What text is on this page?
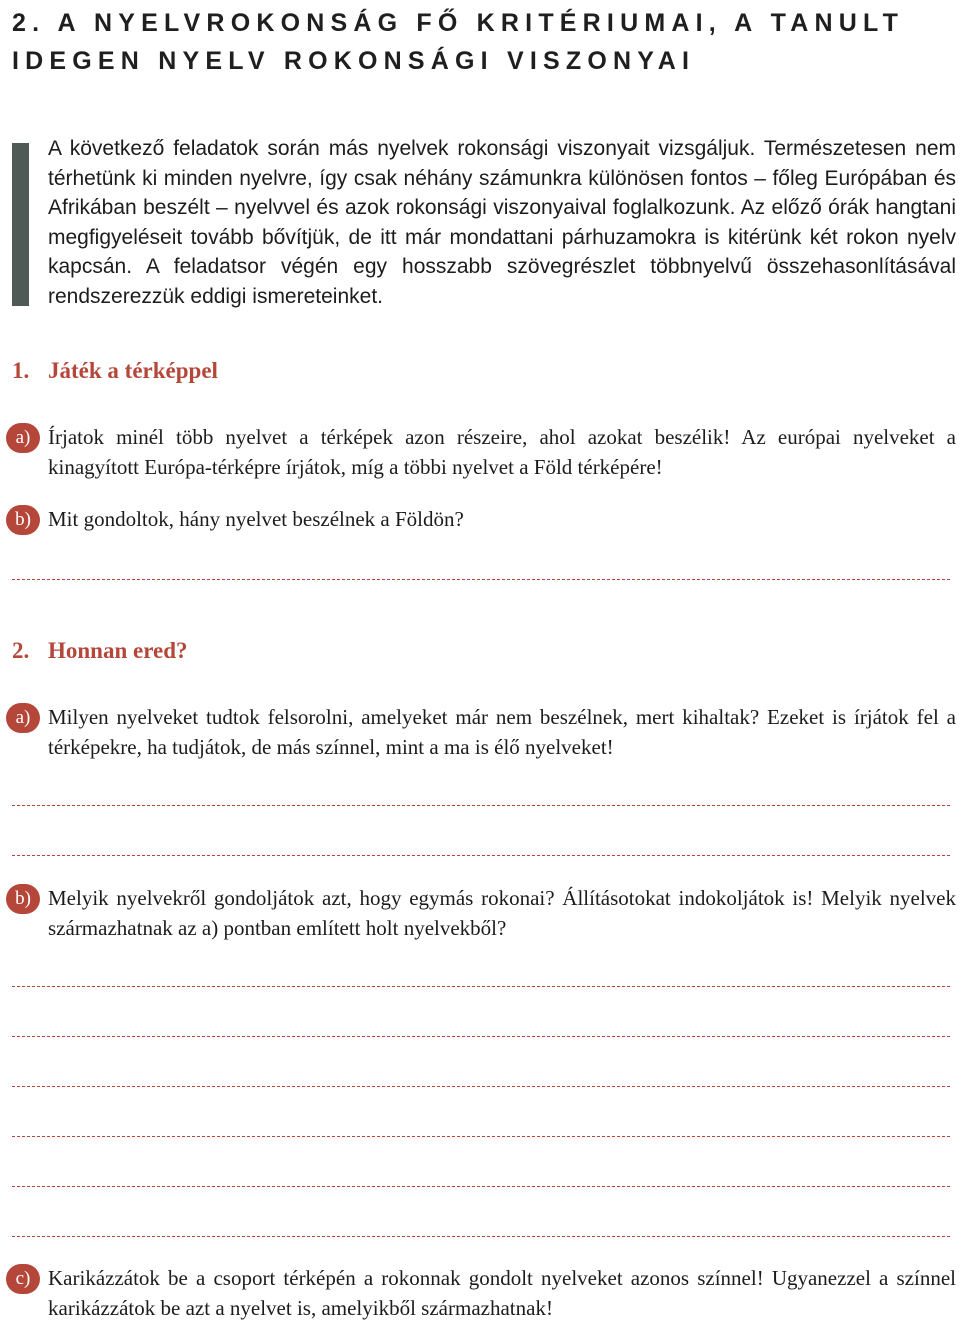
2. A NYELVROKONSÁG FŐ KRITÉRIUMAI, A TANULT IDEGEN NYELV ROKONSÁGI VISZONYAI
A következő feladatok során más nyelvek rokonsági viszonyait vizsgáljuk. Természetesen nem térhetünk ki minden nyelvre, így csak néhány számunkra különösen fontos – főleg Európában és Afrikában beszélt – nyelvvel és azok rokonsági viszonyaival foglalkozunk. Az előző órák hangtani megfigyeléseit tovább bővítjük, de itt már mondattani párhuzamokra is kitérünk két rokon nyelv kapcsán. A feladatsor végén egy hosszabb szövegrészlet többnyelvű összehasonlításával rendszerezzük eddigi ismereteinket.
1. Játék a térképpel
a) Írjatok minél több nyelvet a térképek azon részeire, ahol azokat beszélik! Az európai nyelveket a kinagyított Európa-térképre írjátok, míg a többi nyelvet a Föld térképére!
b) Mit gondoltok, hány nyelvet beszélnek a Földön?
2. Honnan ered?
a) Milyen nyelveket tudtok felsorolni, amelyeket már nem beszélnek, mert kihaltak? Ezeket is írjátok fel a térképekre, ha tudjátok, de más színnel, mint a ma is élő nyelveket!
b) Melyik nyelvekről gondoljátok azt, hogy egymás rokonai? Állításotokat indokoljátok is! Melyik nyelvek származhatnak az a) pontban említett holt nyelvekből?
c) Karikázzátok be a csoport térképén a rokonnak gondolt nyelveket azonos színnel! Ugyanezzel a színnel karikázzátok be azt a nyelvet is, amelyikből származhatnak!
